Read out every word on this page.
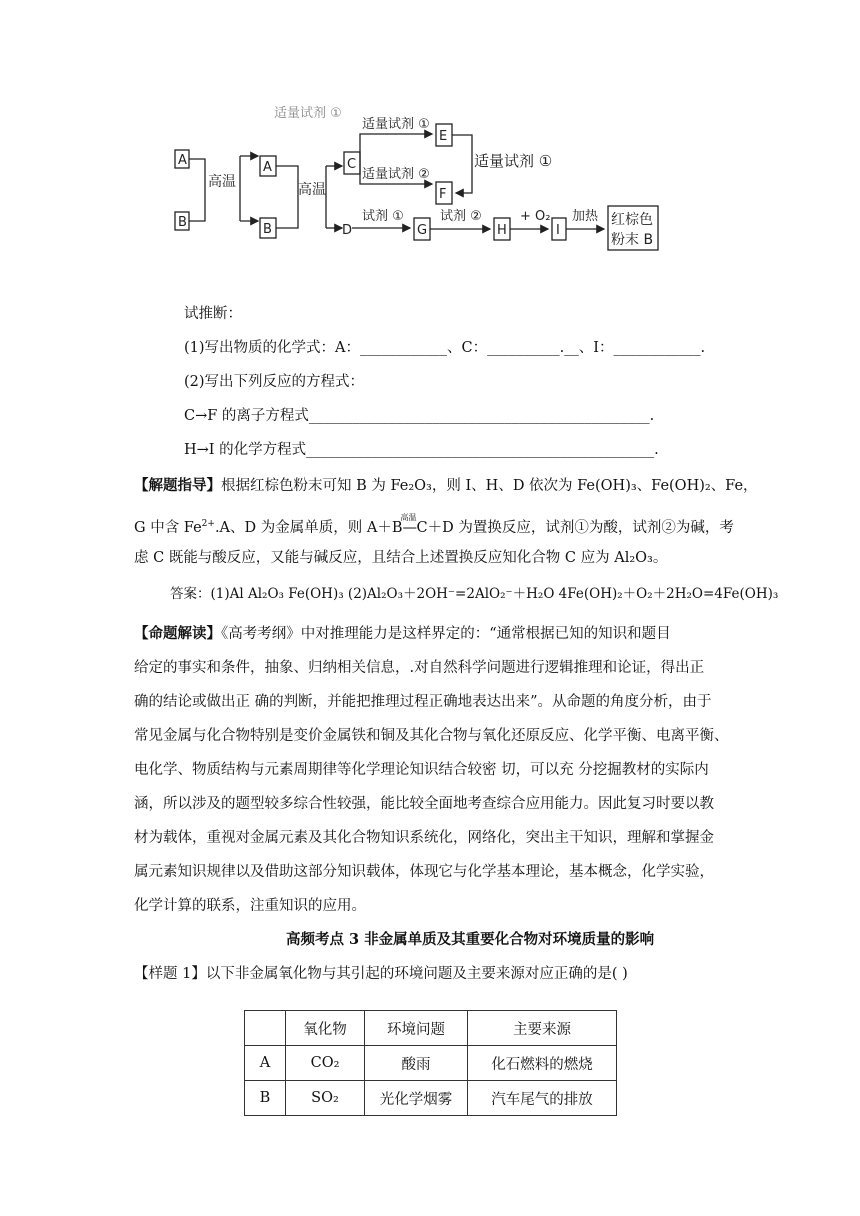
适量试剂 ①
A
B
高温
A
B
高温
C
D
适量试剂 ①
适量试剂 ②
E
F
适量试剂 ①
试剂 ①
G
试剂 ②
H
+ O₂
I
加热 红棕色
粉末 B
试推断：
(1)写出物质的化学式：A：____________、C：__________.__、I：____________.
(2)写出下列反应的方程式：
C→F 的离子方程式_______________________________________________.
H→I 的化学方程式________________________________________________.
【解题指导】根据红棕色粉末可知 B 为 Fe₂O₃，则 I、H、D 依次为 Fe(OH)₃、Fe(OH)₂、Fe，
G 中含 $Fe^{2+}.A$、D 为金属单质，则 A＋B
高温
—C＋D 为置换反应，试剂①为酸，试剂②为碱，考
虑 C 既能与酸反应，又能与碱反应，且结合上述置换反应知化合物 C 应为 Al₂O₃。
答案：(1)Al Al₂O₃ Fe(OH)₃ (2)Al₂O₃＋2OH⁻=2AlO₂⁻＋H₂O 4Fe(OH)₂＋O₂＋2H₂O=4Fe(OH)₃
【命题解读】《高考考纲》中对推理能力是这样界定的：“通常根据已知的知识和题目
给定的事实和条件，抽象、归纳相关信息，.对自然科学问题进行逻辑推理和论证，得出正
确的结论或做出正 确的判断，并能把推理过程正确地表达出来”。从命题的角度分析，由于
常见金属与化合物特别是变价金属铁和铜及其化合物与氧化还原反应、化学平衡、电离平衡、
电化学、物质结构与元素周期律等化学理论知识结合较密 切，可以充 分挖掘教材的实际内
涵，所以涉及的题型较多综合性较强，能比较全面地考查综合应用能力。因此复习时要以教
材为载体，重视对金属元素及其化合物知识系统化，网络化，突出主干知识，理解和掌握金
属元素知识规律以及借助这部分知识载体，体现它与化学基本理论，基本概念，化学实验，
化学计算的联系，注重知识的应用。
高频考点 3 非金属单质及其重要化合物对环境质量的影响
【样题 1】以下非金属氧化物与其引起的环境问题及主要来源对应正确的是( )
	氧化物	环境问题	主要来源
A	CO₂	酸雨	化石燃料的燃烧
B	SO₂	光化学烟雾	汽车尾气的排放
